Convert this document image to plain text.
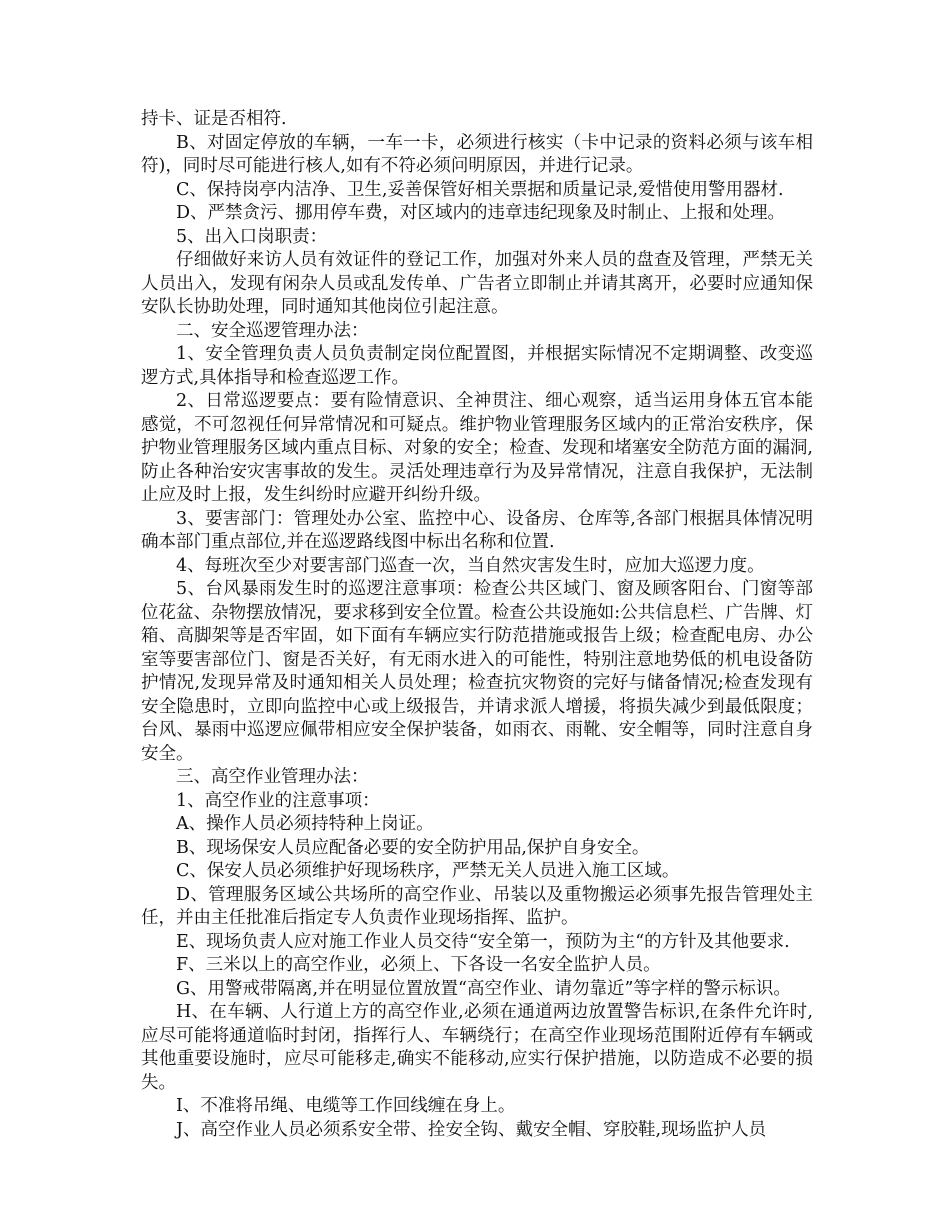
持卡、证是否相符.

B、对固定停放的车辆，一车一卡，必须进行核实（卡中记录的资料必须与该车相符)，同时尽可能进行核人,如有不符必须问明原因，并进行记录。

C、保持岗亭内洁净、卫生,妥善保管好相关票据和质量记录,爱惜使用警用器材.

D、严禁贪污、挪用停车费，对区域内的违章违纪现象及时制止、上报和处理。

5、出入口岗职责：

仔细做好来访人员有效证件的登记工作，加强对外来人员的盘查及管理，严禁无关人员出入，发现有闲杂人员或乱发传单、广告者立即制止并请其离开，必要时应通知保安队长协助处理，同时通知其他岗位引起注意。

二、安全巡逻管理办法：

1、安全管理负责人员负责制定岗位配置图，并根据实际情况不定期调整、改变巡逻方式,具体指导和检查巡逻工作。

2、日常巡逻要点：要有险情意识、全神贯注、细心观察，适当运用身体五官本能感觉，不可忽视任何异常情况和可疑点。维护物业管理服务区域内的正常治安秩序，保护物业管理服务区域内重点目标、对象的安全；检查、发现和堵塞安全防范方面的漏洞,防止各种治安灾害事故的发生。灵活处理违章行为及异常情况，注意自我保护，无法制止应及时上报，发生纠纷时应避开纠纷升级。

3、要害部门：管理处办公室、监控中心、设备房、仓库等,各部门根据具体情况明确本部门重点部位,并在巡逻路线图中标出名称和位置.

4、每班次至少对要害部门巡查一次，当自然灾害发生时，应加大巡逻力度。

5、台风暴雨发生时的巡逻注意事项：检查公共区域门、窗及顾客阳台、门窗等部位花盆、杂物摆放情况，要求移到安全位置。检查公共设施如:公共信息栏、广告牌、灯箱、高脚架等是否牢固，如下面有车辆应实行防范措施或报告上级；检查配电房、办公室等要害部位门、窗是否关好，有无雨水进入的可能性，特别注意地势低的机电设备防护情况,发现异常及时通知相关人员处理；检查抗灾物资的完好与储备情况;检查发现有安全隐患时，立即向监控中心或上级报告，并请求派人增援，将损失减少到最低限度；台风、暴雨中巡逻应佩带相应安全保护装备，如雨衣、雨靴、安全帽等，同时注意自身安全。

三、高空作业管理办法：

1、高空作业的注意事项：

A、操作人员必须持特种上岗证。

B、现场保安人员应配备必要的安全防护用品,保护自身安全。

C、保安人员必须维护好现场秩序，严禁无关人员进入施工区域。

D、管理服务区域公共场所的高空作业、吊装以及重物搬运必须事先报告管理处主任，并由主任批准后指定专人负责作业现场指挥、监护。

E、现场负责人应对施工作业人员交待“安全第一，预防为主“的方针及其他要求.

F、三米以上的高空作业，必须上、下各设一名安全监护人员。

G、用警戒带隔离,并在明显位置放置“高空作业、请勿靠近”等字样的警示标识。

H、在车辆、人行道上方的高空作业,必须在通道两边放置警告标识,在条件允许时,应尽可能将通道临时封闭，指挥行人、车辆绕行；在高空作业现场范围附近停有车辆或其他重要设施时，应尽可能移走,确实不能移动,应实行保护措施，以防造成不必要的损失。

I、不准将吊绳、电缆等工作回线缠在身上。

J、高空作业人员必须系安全带、拴安全钩、戴安全帽、穿胶鞋,现场监护人员
